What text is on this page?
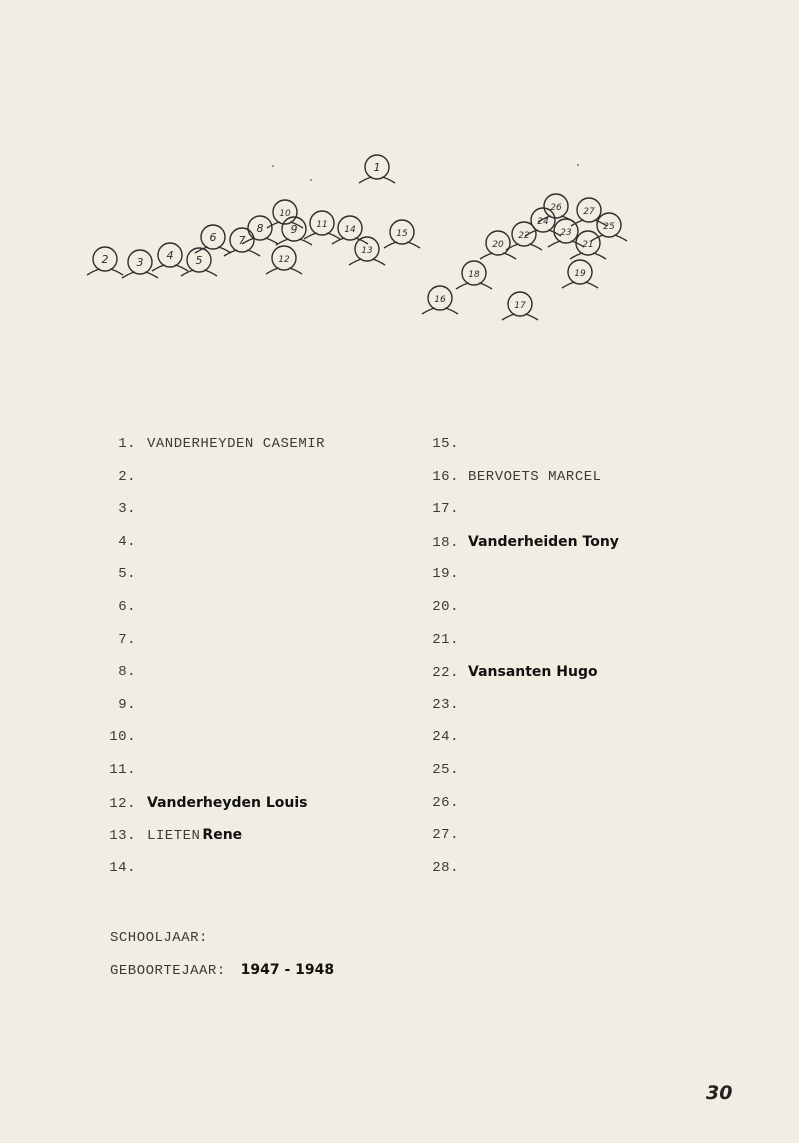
1
2	3
4 5
6 7
8 9
10
11
12
13
14	15
16
17
18	19
20	21
22	23
24	25
26 27
1. VANDERHEYDEN CASEMIR
2.
3.
4.
5.
6.
7.
8.
9.
10.
11.
12. Vanderheyden Louis
13. LIETEN Rene
14.
15.
16. BERVOETS MARCEL
17.
18. Vanderheiden Tony
19.
20.
21.
22. Vansanten Hugo
23.
24.
25.
26.
27.
28.
SCHOOLJAAR:
GEBOORTEJAAR: 1947 - 1948
30
